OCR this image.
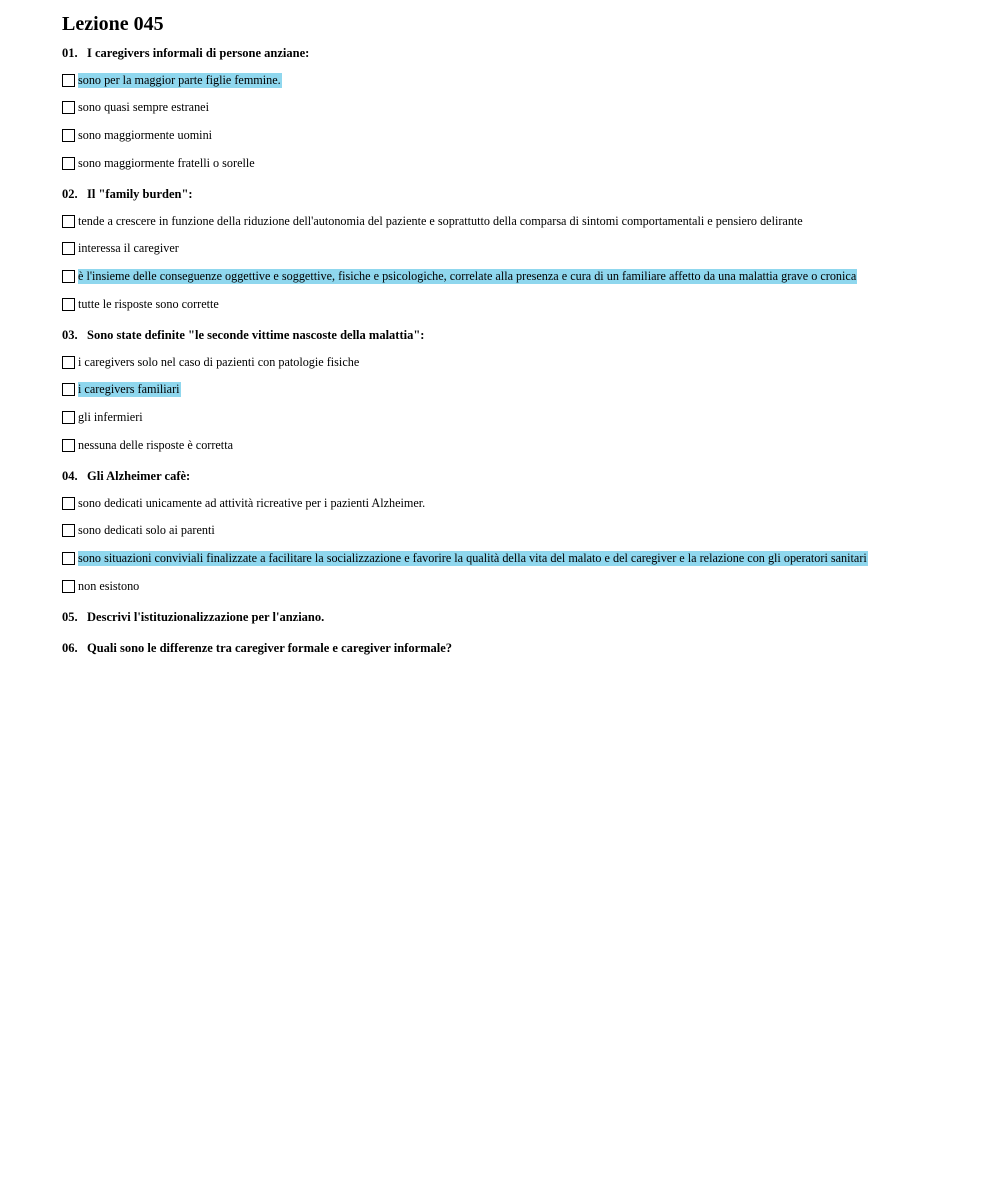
Lezione 045
01. I caregivers informali di persone anziane:
sono per la maggior parte figlie femmine.
sono quasi sempre estranei
sono maggiormente uomini
sono maggiormente fratelli o sorelle
02. Il "family burden":
tende a crescere in funzione della riduzione dell'autonomia del paziente e soprattutto della comparsa di sintomi comportamentali e pensiero delirante
interessa il caregiver
è l'insieme delle conseguenze oggettive e soggettive, fisiche e psicologiche, correlate alla presenza e cura di un familiare affetto da una malattia grave o cronica
tutte le risposte sono corrette
03. Sono state definite "le seconde vittime nascoste della malattia":
i caregivers solo nel caso di pazienti con patologie fisiche
i caregivers familiari
gli infermieri
nessuna delle risposte è corretta
04. Gli Alzheimer cafè:
sono dedicati unicamente ad attività ricreative per i pazienti Alzheimer.
sono dedicati solo ai parenti
sono situazioni conviviali finalizzate a facilitare la socializzazione e favorire la qualità della vita del malato e del caregiver e la relazione con gli operatori sanitari
non esistono
05. Descrivi l'istituzionalizzazione per l'anziano.
06. Quali sono le differenze tra caregiver formale e caregiver informale?
